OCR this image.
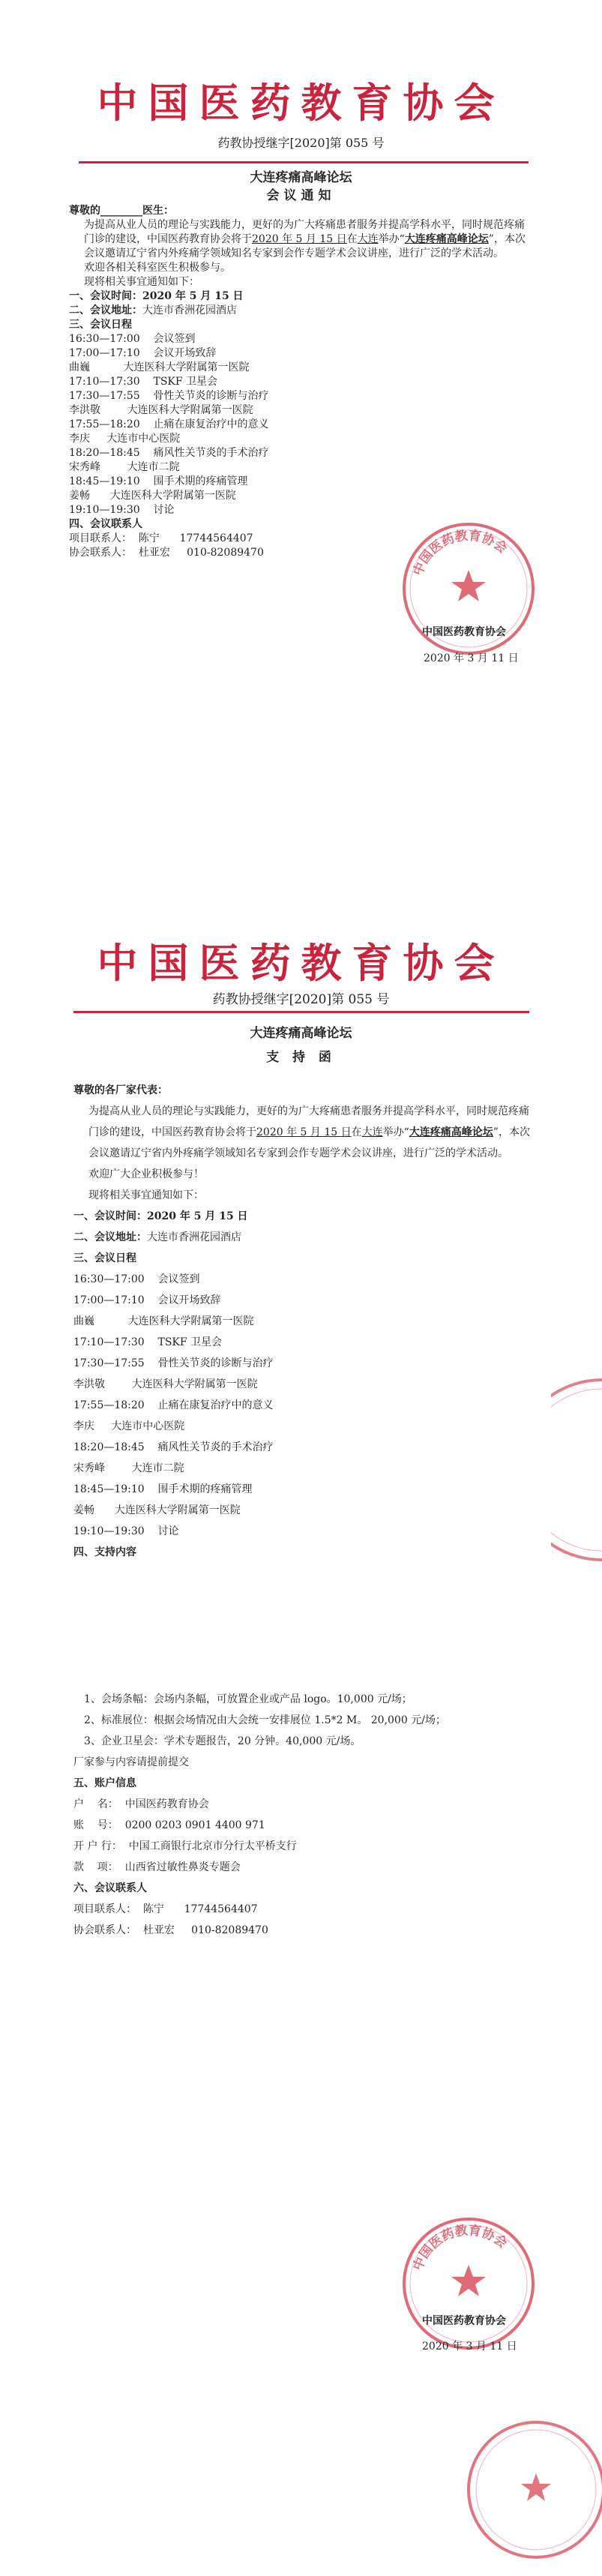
中国医药教育协会
药教协授继字[2020]第 055 号
大连疼痛高峰论坛
会议通知

尊敬的________医生：

为提高从业人员的理论与实践能力，更好的为广大疼痛患者服务并提高学科水平，同时规范疼痛门诊的建设，中国医药教育协会将于2020 年 5 月 15 日在大连举办“大连疼痛高峰论坛”，本次会议邀请辽宁省内外疼痛学领域知名专家到会作专题学术会议讲座，进行广泛的学术活动。

欢迎各相关科室医生积极参与。

现将相关事宜通知如下：

一、会议时间：2020 年 5 月 15 日

二、会议地址：大连市香洲花园酒店

三、会议日程

16:30—17:00    会议签到

17:00—17:10    会议开场致辞

曲巍          大连医科大学附属第一医院

17:10—17:30    TSKF 卫星会

17:30—17:55    骨性关节炎的诊断与治疗

李洪敬        大连医科大学附属第一医院

17:55—18:20    止痛在康复治疗中的意义

李庆     大连市中心医院

18:20—18:45    痛风性关节炎的手术治疗

宋秀峰        大连市二院

18:45—19:10    围手术期的疼痛管理

姜畅      大连医科大学附属第一医院

19:10—19:30    讨论

四、会议联系人

项目联系人：  陈宁      17744564407

协会联系人：  杜亚宏     010-82089470

中国医药教育协会
中国医药教育协会
2020 年 3 月 11 日
中国医药教育协会
药教协授继字[2020]第 055 号
大连疼痛高峰论坛
支 持 函

尊敬的各厂家代表：

为提高从业人员的理论与实践能力，更好的为广大疼痛患者服务并提高学科水平，同时规范疼痛门诊的建设，中国医药教育协会将于2020 年 5 月 15 日在大连举办“大连疼痛高峰论坛”，本次会议邀请辽宁省内外疼痛学领域知名专家到会作专题学术会议讲座，进行广泛的学术活动。

欢迎广大企业积极参与！

现将相关事宜通知如下：

一、会议时间：2020 年 5 月 15 日

二、会议地址：大连市香洲花园酒店

三、会议日程

16:30—17:00    会议签到

17:00—17:10    会议开场致辞

曲巍          大连医科大学附属第一医院

17:10—17:30    TSKF 卫星会

17:30—17:55    骨性关节炎的诊断与治疗

李洪敬        大连医科大学附属第一医院

17:55—18:20    止痛在康复治疗中的意义

李庆     大连市中心医院

18:20—18:45    痛风性关节炎的手术治疗

宋秀峰        大连市二院

18:45—19:10    围手术期的疼痛管理

姜畅      大连医科大学附属第一医院

19:10—19:30    讨论

四、支持内容

1、会场条幅：会场内条幅，可放置企业或产品 logo。10,000 元/场；

2、标准展位：根据会场情况由大会统一安排展位 1.5*2 M。 20,000 元/场；

3、企业卫星会：学术专题报告，20 分钟。40,000 元/场。

厂家参与内容请提前提交

五、账户信息

户    名：  中国医药教育协会

账    号：  0200 0203 0901 4400 971

开 户 行：  中国工商银行北京市分行太平桥支行

款    项：  山西省过敏性鼻炎专题会

六、会议联系人

项目联系人：  陈宁      17744564407

协会联系人：  杜亚宏     010-82089470

中国医药教育协会
中国医药教育协会
2020 年 3 月 11 日
